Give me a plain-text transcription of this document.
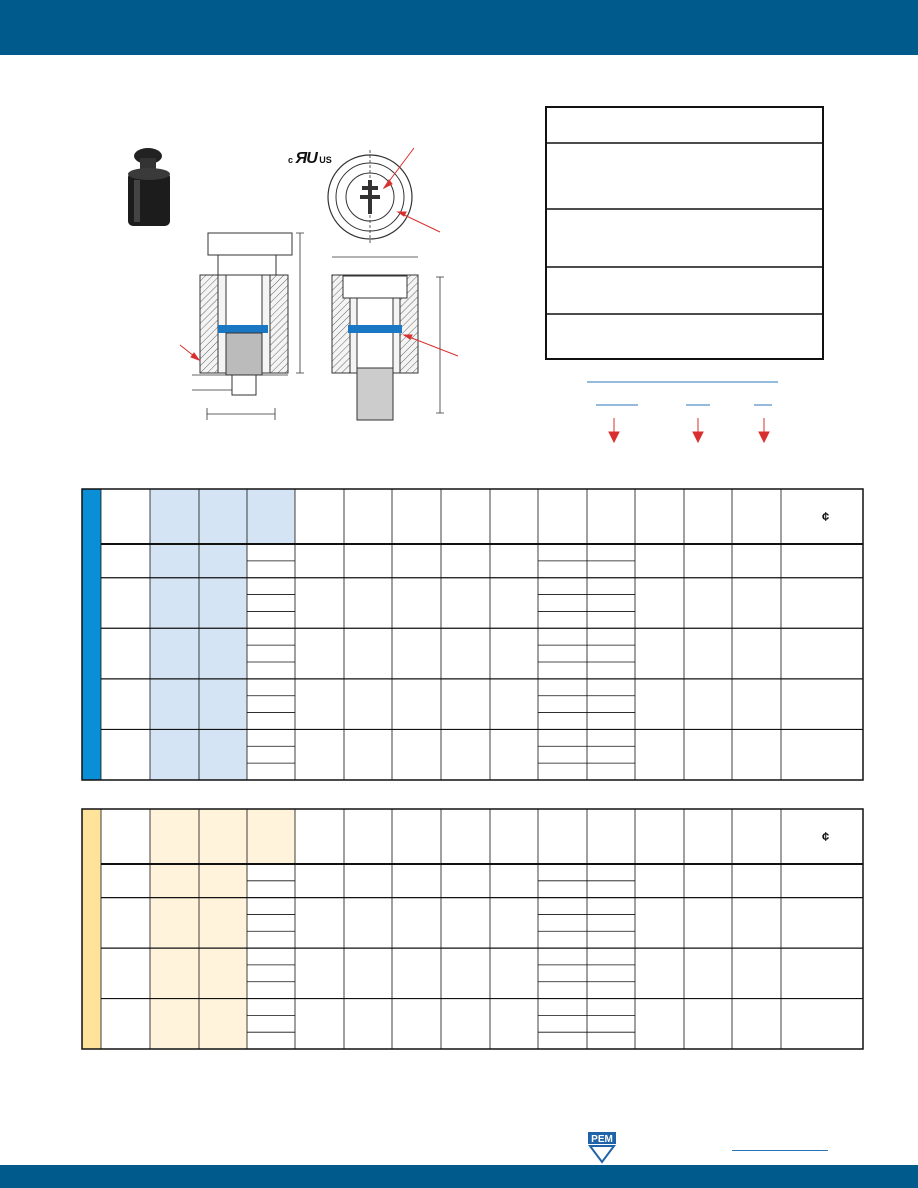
c ЯU US
¢
¢
PEM
